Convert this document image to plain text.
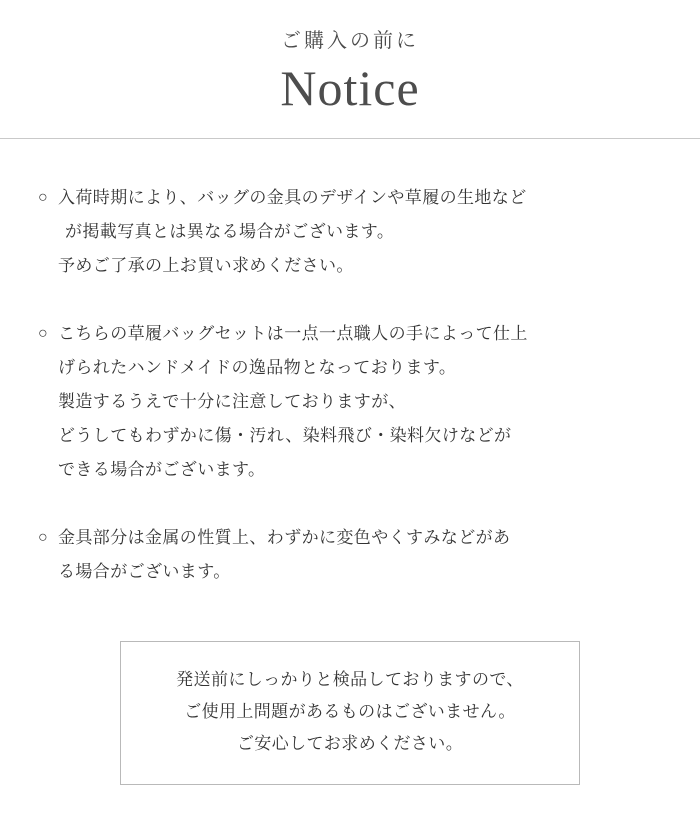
ご購入の前に
Notice
○ 入荷時期により、バッグの金具のデザインや草履の生地など
が掲載写真とは異なる場合がございます。
予めご了承の上お買い求めください。
○ こちらの草履バッグセットは一点一点職人の手によって仕上
げられたハンドメイドの逸品物となっております。
製造するうえで十分に注意しておりますが、
どうしてもわずかに傷・汚れ、染料飛び・染料欠けなどが
できる場合がございます。
○ 金具部分は金属の性質上、わずかに変色やくすみなどがあ
る場合がございます。
発送前にしっかりと検品しておりますので、
ご使用上問題があるものはございません。
ご安心してお求めください。
